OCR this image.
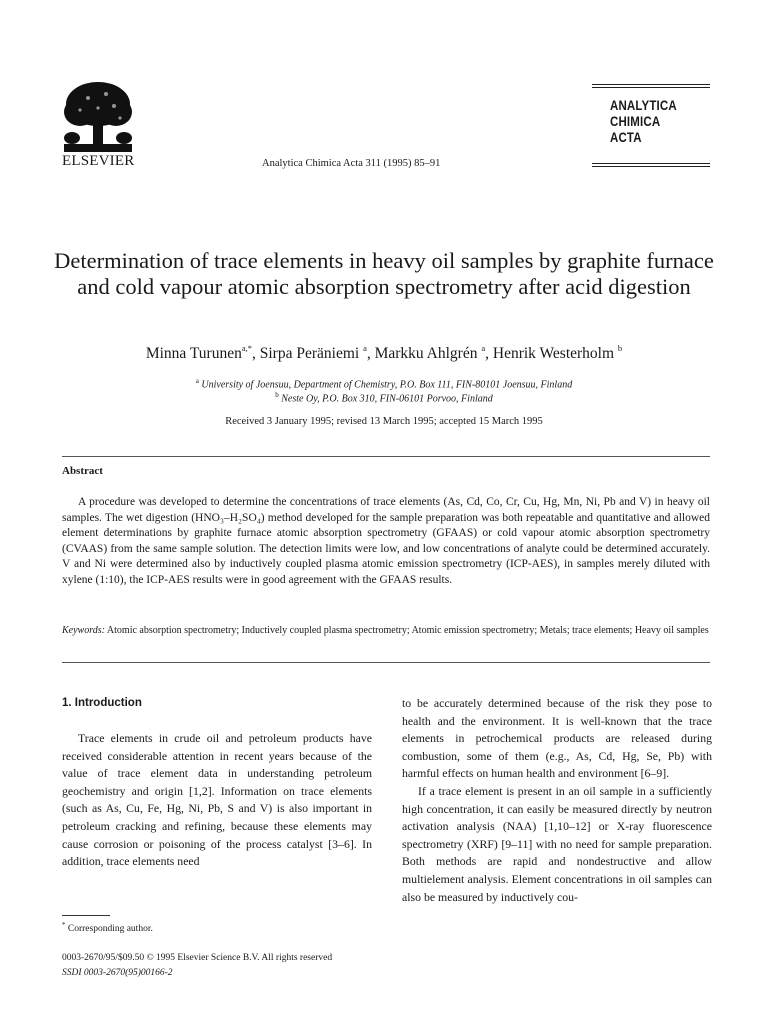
ELSEVIER	Analytica Chimica Acta 311 (1995) 85–91
ANALYTICA
CHIMICA
ACTA
Determination of trace elements in heavy oil samples by graphite furnace and cold vapour atomic absorption spectrometry after acid digestion
Minna Turunen$^{a,*}$, Sirpa Peräniemi $^a$, Markku Ahlgrén $^a$, Henrik Westerholm $^b$
$^a$ University of Joensuu, Department of Chemistry, P.O. Box 111, FIN-80101 Joensuu, Finland
$^b$ Neste Oy, P.O. Box 310, FIN-06101 Porvoo, Finland
Received 3 January 1995; revised 13 March 1995; accepted 15 March 1995
Abstract
A procedure was developed to determine the concentrations of trace elements (As, Cd, Co, Cr, Cu, Hg, Mn, Ni, Pb and V) in heavy oil samples. The wet digestion (HNO₃–H₂SO₄) method developed for the sample preparation was both repeatable and quantitative and allowed element determinations by graphite furnace atomic absorption spectrometry (GFAAS) or cold vapour atomic absorption spectrometry (CVAAS) from the same sample solution. The detection limits were low, and low concentrations of analyte could be determined accurately. V and Ni were determined also by inductively coupled plasma atomic emission spectrometry (ICP-AES), in samples merely diluted with xylene (1:10), the ICP-AES results were in good agreement with the GFAAS results.
Keywords: Atomic absorption spectrometry; Inductively coupled plasma spectrometry; Atomic emission spectrometry; Metals; trace elements; Heavy oil samples
1. Introduction

Trace elements in crude oil and petroleum products have received considerable attention in recent years because of the value of trace element data in understanding petroleum geochemistry and origin [1,2]. Information on trace elements (such as As, Cu, Fe, Hg, Ni, Pb, S and V) is also important in petroleum cracking and refining, because these elements may cause corrosion or poisoning of the process catalyst [3–6]. In addition, trace elements need

to be accurately determined because of the risk they pose to health and the environment. It is well-known that the trace elements in petrochemical products are released during combustion, some of them (e.g., As, Cd, Hg, Se, Pb) with harmful effects on human health and environment [6–9].

If a trace element is present in an oil sample in a sufficiently high concentration, it can easily be measured directly by neutron activation analysis (NAA) [1,10–12] or X-ray fluorescence spectrometry (XRF) [9–11] with no need for sample preparation. Both methods are rapid and nondestructive and allow multielement analysis. Element concentrations in oil samples can also be measured by inductively cou-

* Corresponding author.
0003-2670/95/$09.50 © 1995 Elsevier Science B.V. All rights reserved
SSDI 0003-2670(95)00166-2
